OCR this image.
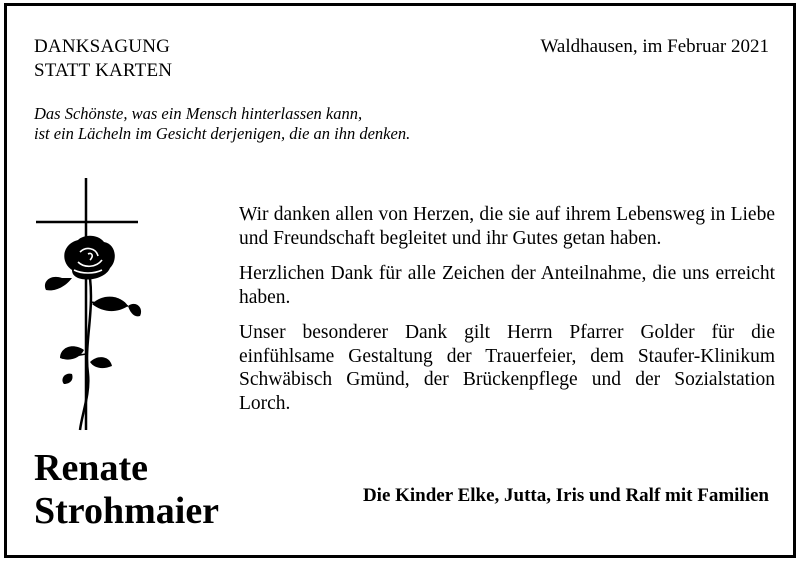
DANKSAGUNG
STATT KARTEN
Waldhausen, im Februar 2021
Das Schönste, was ein Mensch hinterlassen kann,
ist ein Lächeln im Gesicht derjenigen, die an ihn denken.

Wir danken allen von Herzen, die sie auf ihrem Lebensweg in Liebe und Freundschaft begleitet und ihr Gutes getan haben.

Herzlichen Dank für alle Zeichen der Anteilnahme, die uns erreicht haben.

Unser besonderer Dank gilt Herrn Pfarrer Golder für die einfühlsame Gestaltung der Trauerfeier, dem Staufer-Klinikum Schwäbisch Gmünd, der Brückenpflege und der Sozialstation Lorch.

Renate
Strohmaier	Die Kinder Elke, Jutta, Iris und Ralf mit Familien
